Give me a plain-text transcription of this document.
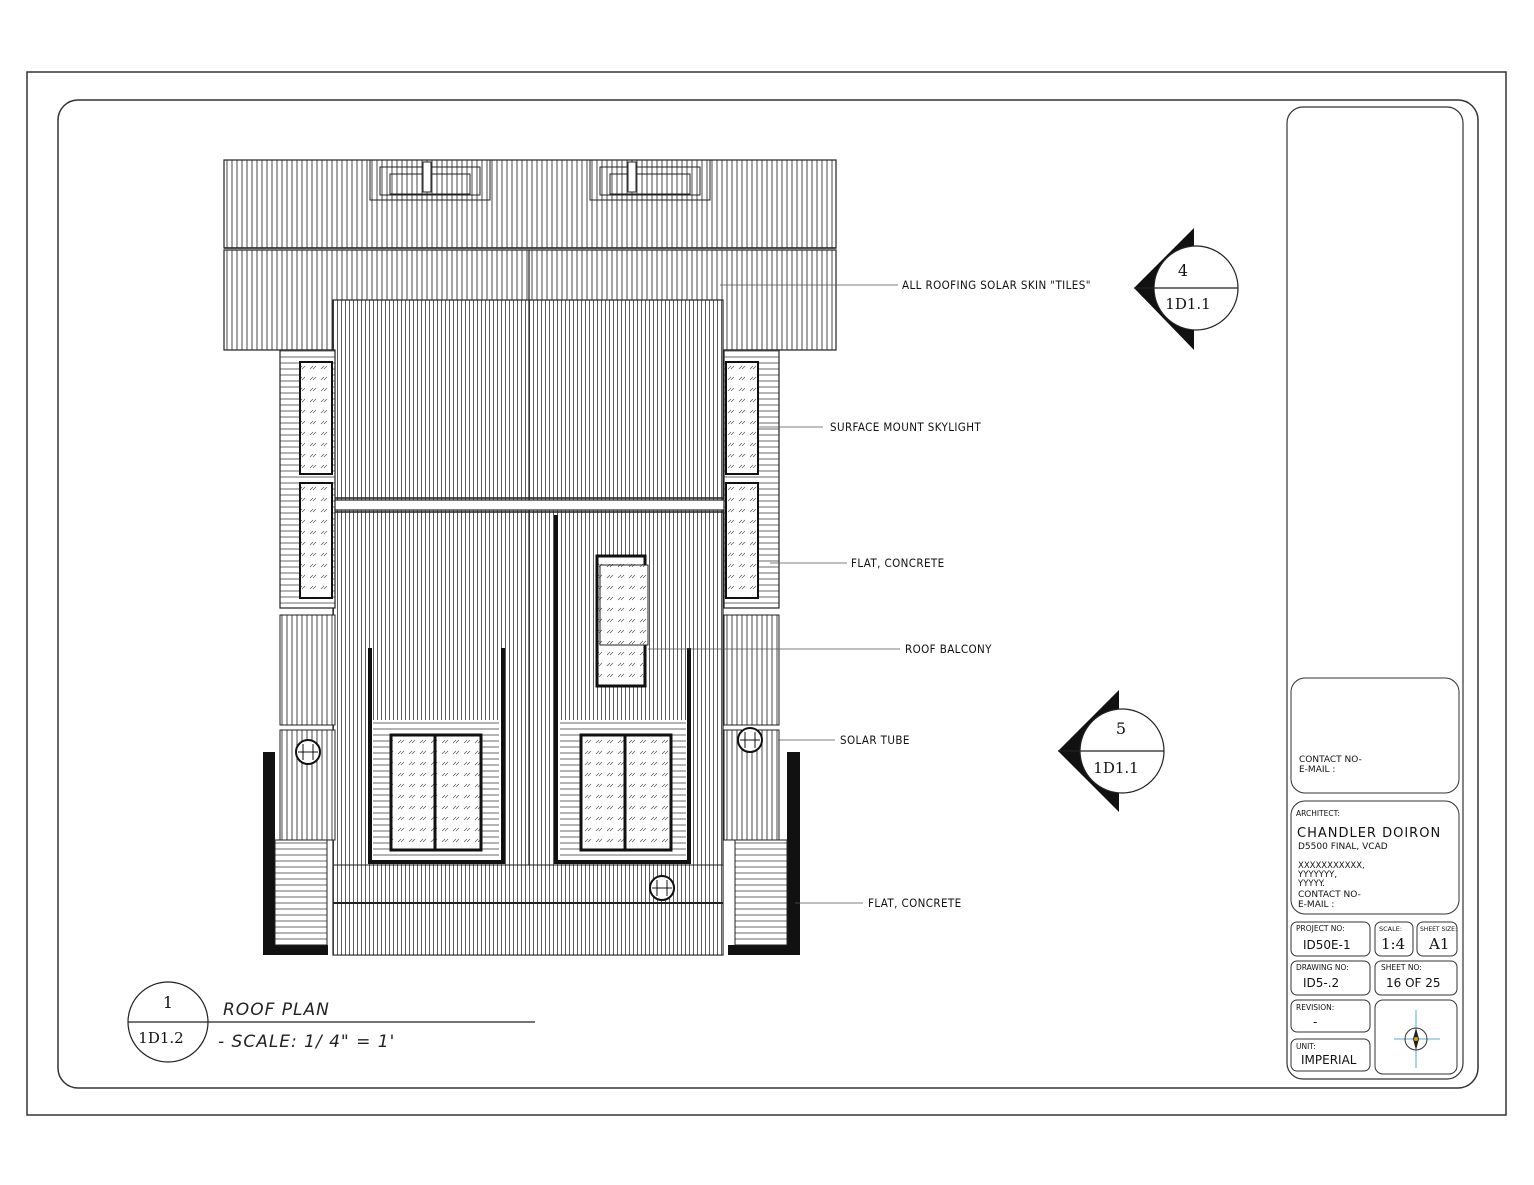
ALL ROOFING SOLAR SKIN "TILES"
SURFACE MOUNT SKYLIGHT
FLAT, CONCRETE
ROOF BALCONY
SOLAR TUBE
FLAT, CONCRETE
4
1D1.1
5
1D1.1
1
1D1.2
ROOF PLAN
- SCALE: 1/ 4" = 1'
CONTACT NO-
E-MAIL :
ARCHITECT:
CHANDLER DOIRON
D5500 FINAL, VCAD
XXXXXXXXXXX,
YYYYYYY,
YYYYY.
CONTACT NO-
E-MAIL :
PROJECT NO:
ID50E-1
SCALE:
1:4
SHEET SIZE:
A1
DRAWING NO:
ID5-.2
SHEET NO:
16 OF 25
REVISION:
-
UNIT:
IMPERIAL
